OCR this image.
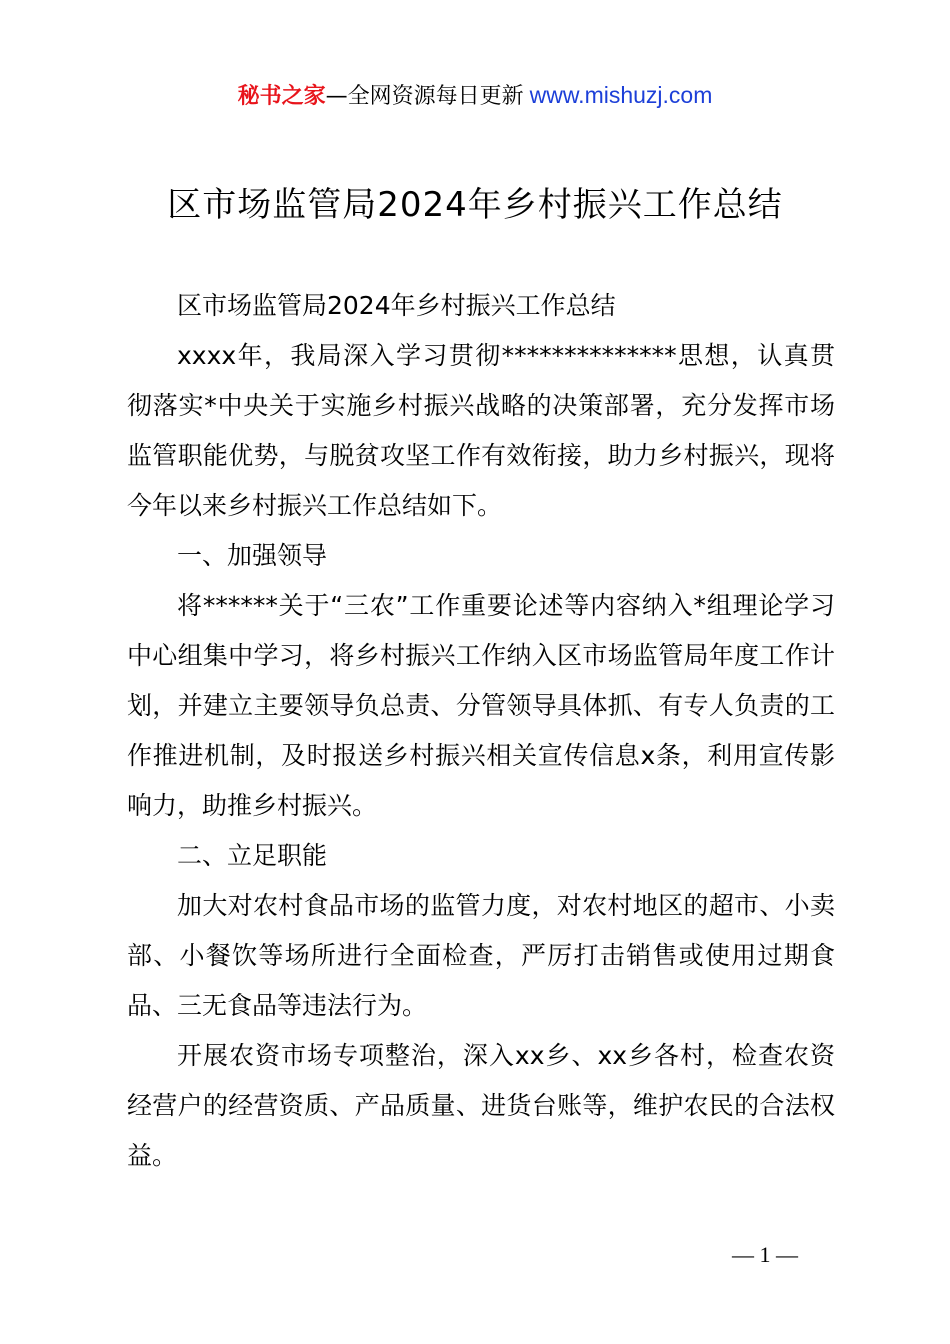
秘书之家—全网资源每日更新 www.mishuzj.com
区市场监管局2024年乡村振兴工作总结

区市场监管局2024年乡村振兴工作总结

xxxx年，我局深入学习贯彻**************思想，认真贯彻落实*中央关于实施乡村振兴战略的决策部署，充分发挥市场监管职能优势，与脱贫攻坚工作有效衔接，助力乡村振兴，现将今年以来乡村振兴工作总结如下。

一、加强领导

将******关于“三农”工作重要论述等内容纳入*组理论学习中心组集中学习，将乡村振兴工作纳入区市场监管局年度工作计划，并建立主要领导负总责、分管领导具体抓、有专人负责的工作推进机制，及时报送乡村振兴相关宣传信息x条，利用宣传影响力，助推乡村振兴。

二、立足职能

加大对农村食品市场的监管力度，对农村地区的超市、小卖部、小餐饮等场所进行全面检查，严厉打击销售或使用过期食品、三无食品等违法行为。

开展农资市场专项整治，深入xx乡、xx乡各村，检查农资经营户的经营资质、产品质量、进货台账等，维护农民的合法权益。

— 1 —
